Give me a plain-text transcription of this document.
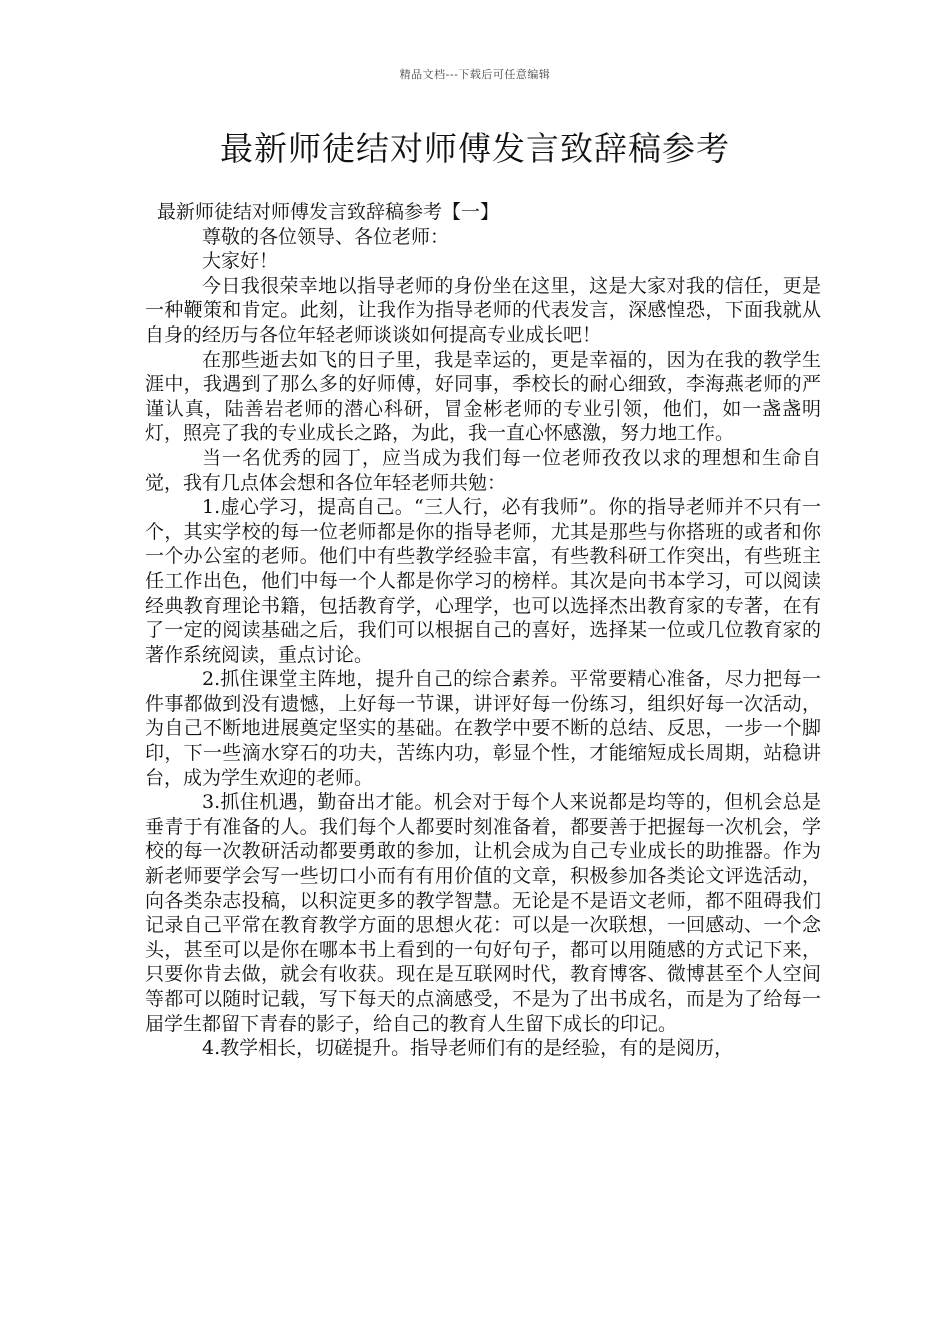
精品文档---下载后可任意编辑
最新师徒结对师傅发言致辞稿参考

最新师徒结对师傅发言致辞稿参考【一】

尊敬的各位领导、各位老师：

大家好！

今日我很荣幸地以指导老师的身份坐在这里，这是大家对我的信任，更是一种鞭策和肯定。此刻，让我作为指导老师的代表发言，深感惶恐，下面我就从自身的经历与各位年轻老师谈谈如何提高专业成长吧！

在那些逝去如飞的日子里，我是幸运的，更是幸福的，因为在我的教学生涯中，我遇到了那么多的好师傅，好同事，季校长的耐心细致，李海燕老师的严谨认真，陆善岩老师的潜心科研，冒金彬老师的专业引领，他们，如一盏盏明灯，照亮了我的专业成长之路，为此，我一直心怀感激，努力地工作。

当一名优秀的园丁，应当成为我们每一位老师孜孜以求的理想和生命自觉，我有几点体会想和各位年轻老师共勉：

1.虚心学习，提高自己。“三人行，必有我师”。你的指导老师并不只有一个，其实学校的每一位老师都是你的指导老师，尤其是那些与你搭班的或者和你一个办公室的老师。他们中有些教学经验丰富，有些教科研工作突出，有些班主任工作出色，他们中每一个人都是你学习的榜样。其次是向书本学习，可以阅读经典教育理论书籍，包括教育学，心理学，也可以选择杰出教育家的专著，在有了一定的阅读基础之后，我们可以根据自己的喜好，选择某一位或几位教育家的著作系统阅读，重点讨论。

2.抓住课堂主阵地，提升自己的综合素养。平常要精心准备，尽力把每一件事都做到没有遗憾，上好每一节课，讲评好每一份练习，组织好每一次活动，为自己不断地进展奠定坚实的基础。在教学中要不断的总结、反思，一步一个脚印，下一些滴水穿石的功夫，苦练内功，彰显个性，才能缩短成长周期，站稳讲台，成为学生欢迎的老师。

3.抓住机遇，勤奋出才能。机会对于每个人来说都是均等的，但机会总是垂青于有准备的人。我们每个人都要时刻准备着，都要善于把握每一次机会，学校的每一次教研活动都要勇敢的参加，让机会成为自己专业成长的助推器。作为新老师要学会写一些切口小而有有用价值的文章，积极参加各类论文评选活动，向各类杂志投稿，以积淀更多的教学智慧。无论是不是语文老师，都不阻碍我们记录自己平常在教育教学方面的思想火花：可以是一次联想，一回感动、一个念头，甚至可以是你在哪本书上看到的一句好句子，都可以用随感的方式记下来，只要你肯去做，就会有收获。现在是互联网时代，教育博客、微博甚至个人空间等都可以随时记载，写下每天的点滴感受，不是为了出书成名，而是为了给每一届学生都留下青春的影子，给自己的教育人生留下成长的印记。

4.教学相长，切磋提升。指导老师们有的是经验，有的是阅历，
